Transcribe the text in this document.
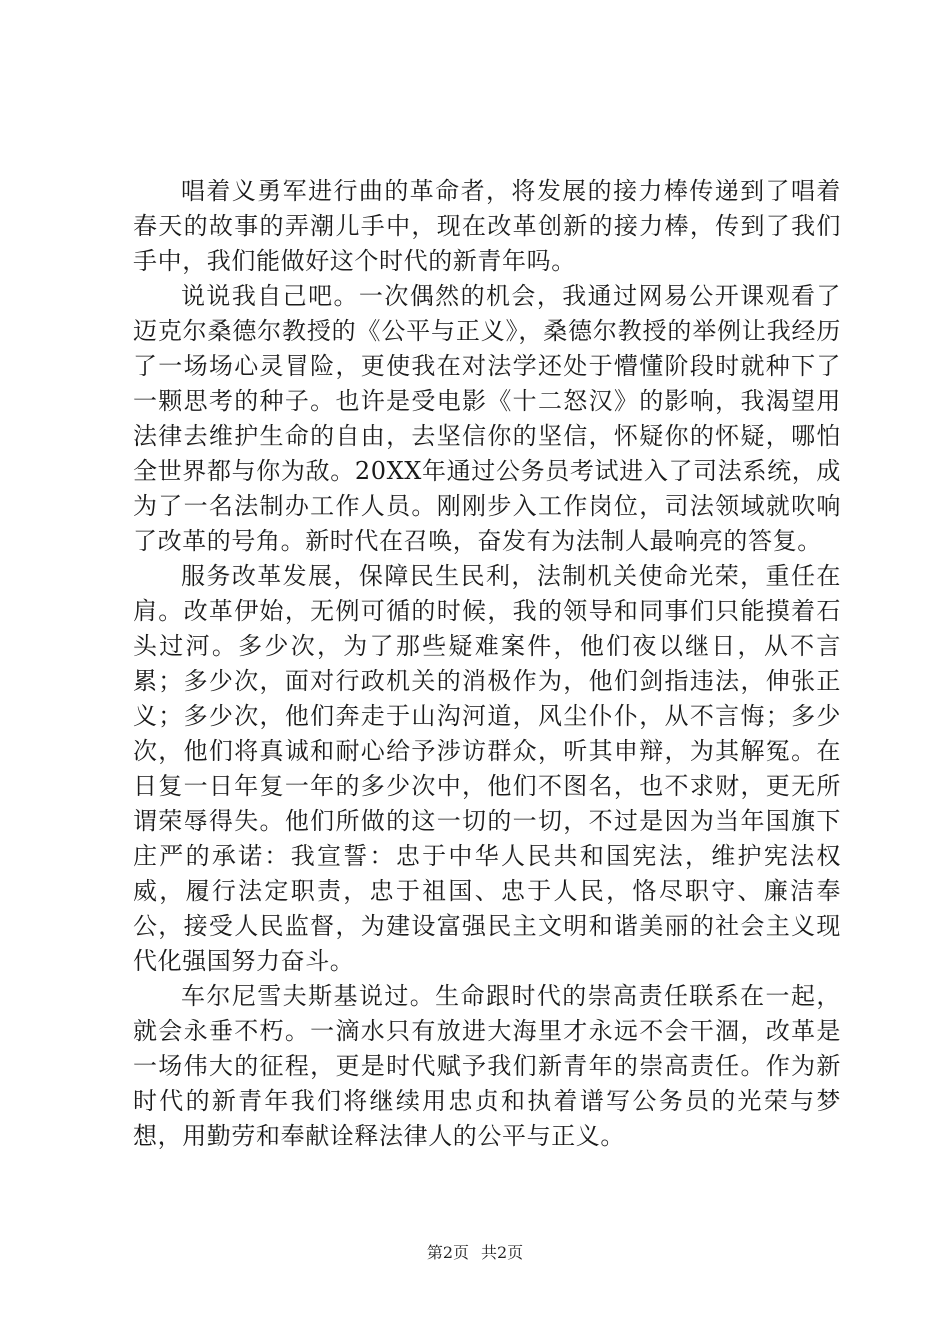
唱着义勇军进行曲的革命者，将发展的接力棒传递到了唱着春天的故事的弄潮儿手中，现在改革创新的接力棒，传到了我们手中，我们能做好这个时代的新青年吗。

说说我自己吧。一次偶然的机会，我通过网易公开课观看了迈克尔桑德尔教授的《公平与正义》，桑德尔教授的举例让我经历了一场场心灵冒险，更使我在对法学还处于懵懂阶段时就种下了一颗思考的种子。也许是受电影《十二怒汉》的影响，我渴望用法律去维护生命的自由，去坚信你的坚信，怀疑你的怀疑，哪怕全世界都与你为敌。20XX年通过公务员考试进入了司法系统，成为了一名法制办工作人员。刚刚步入工作岗位，司法领域就吹响了改革的号角。新时代在召唤，奋发有为法制人最响亮的答复。

服务改革发展，保障民生民利，法制机关使命光荣，重任在肩。改革伊始，无例可循的时候，我的领导和同事们只能摸着石头过河。多少次，为了那些疑难案件，他们夜以继日，从不言累；多少次，面对行政机关的消极作为，他们剑指违法，伸张正义；多少次，他们奔走于山沟河道，风尘仆仆，从不言悔；多少次，他们将真诚和耐心给予涉访群众，听其申辩，为其解冤。在日复一日年复一年的多少次中，他们不图名，也不求财，更无所谓荣辱得失。他们所做的这一切的一切，不过是因为当年国旗下庄严的承诺：我宣誓：忠于中华人民共和国宪法，维护宪法权威，履行法定职责，忠于祖国、忠于人民，恪尽职守、廉洁奉公，接受人民监督，为建设富强民主文明和谐美丽的社会主义现代化强国努力奋斗。

车尔尼雪夫斯基说过。生命跟时代的崇高责任联系在一起，就会永垂不朽。一滴水只有放进大海里才永远不会干涸，改革是一场伟大的征程，更是时代赋予我们新青年的崇高责任。作为新时代的新青年我们将继续用忠贞和执着谱写公务员的光荣与梦想，用勤劳和奉献诠释法律人的公平与正义。

第2页 共2页
